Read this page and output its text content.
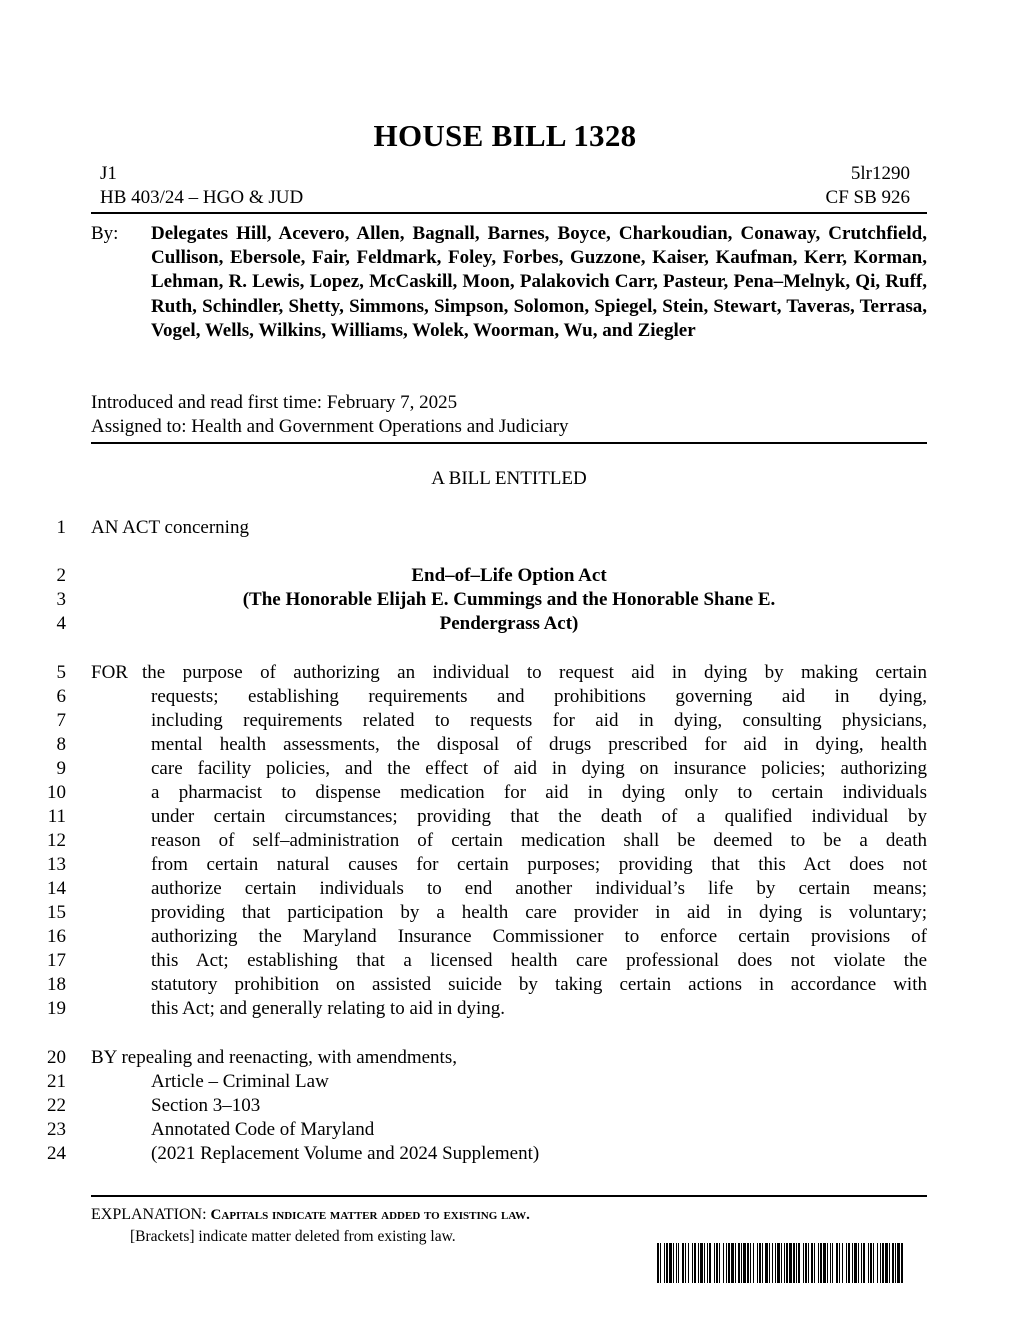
HOUSE BILL 1328
J1
HB 403/24 – HGO & JUD
5lr1290
CF SB 926
By: Delegates Hill, Acevero, Allen, Bagnall, Barnes, Boyce, Charkoudian, Conaway, Crutchfield, Cullison, Ebersole, Fair, Feldmark, Foley, Forbes, Guzzone, Kaiser, Kaufman, Kerr, Korman, Lehman, R. Lewis, Lopez, McCaskill, Moon, Palakovich Carr, Pasteur, Pena–Melnyk, Qi, Ruff, Ruth, Schindler, Shetty, Simmons, Simpson, Solomon, Spiegel, Stein, Stewart, Taveras, Terrasa, Vogel, Wells, Wilkins, Williams, Wolek, Woorman, Wu, and Ziegler
Introduced and read first time: February 7, 2025
Assigned to: Health and Government Operations and Judiciary
A BILL ENTITLED
1 AN ACT concerning
2	End–of–Life Option Act
3	(The Honorable Elijah E. Cummings and the Honorable Shane E.
4	Pendergrass Act)
5 FOR the purpose of authorizing an individual to request aid in dying by making certain
6	requests; establishing requirements and prohibitions governing aid in dying,
7	including requirements related to requests for aid in dying, consulting physicians,
8	mental health assessments, the disposal of drugs prescribed for aid in dying, health
9	care facility policies, and the effect of aid in dying on insurance policies; authorizing
10	a pharmacist to dispense medication for aid in dying only to certain individuals
11	under certain circumstances; providing that the death of a qualified individual by
12	reason of self–administration of certain medication shall be deemed to be a death
13	from certain natural causes for certain purposes; providing that this Act does not
14	authorize certain individuals to end another individual’s life by certain means;
15	providing that participation by a health care provider in aid in dying is voluntary;
16	authorizing the Maryland Insurance Commissioner to enforce certain provisions of
17	this Act; establishing that a licensed health care professional does not violate the
18	statutory prohibition on assisted suicide by taking certain actions in accordance with
19	this Act; and generally relating to aid in dying.
20 BY repealing and reenacting, with amendments,
21	Article – Criminal Law
22	Section 3–103
23	Annotated Code of Maryland
24	(2021 Replacement Volume and 2024 Supplement)
EXPLANATION: Capitals indicate matter added to existing law.
[Brackets] indicate matter deleted from existing law.
